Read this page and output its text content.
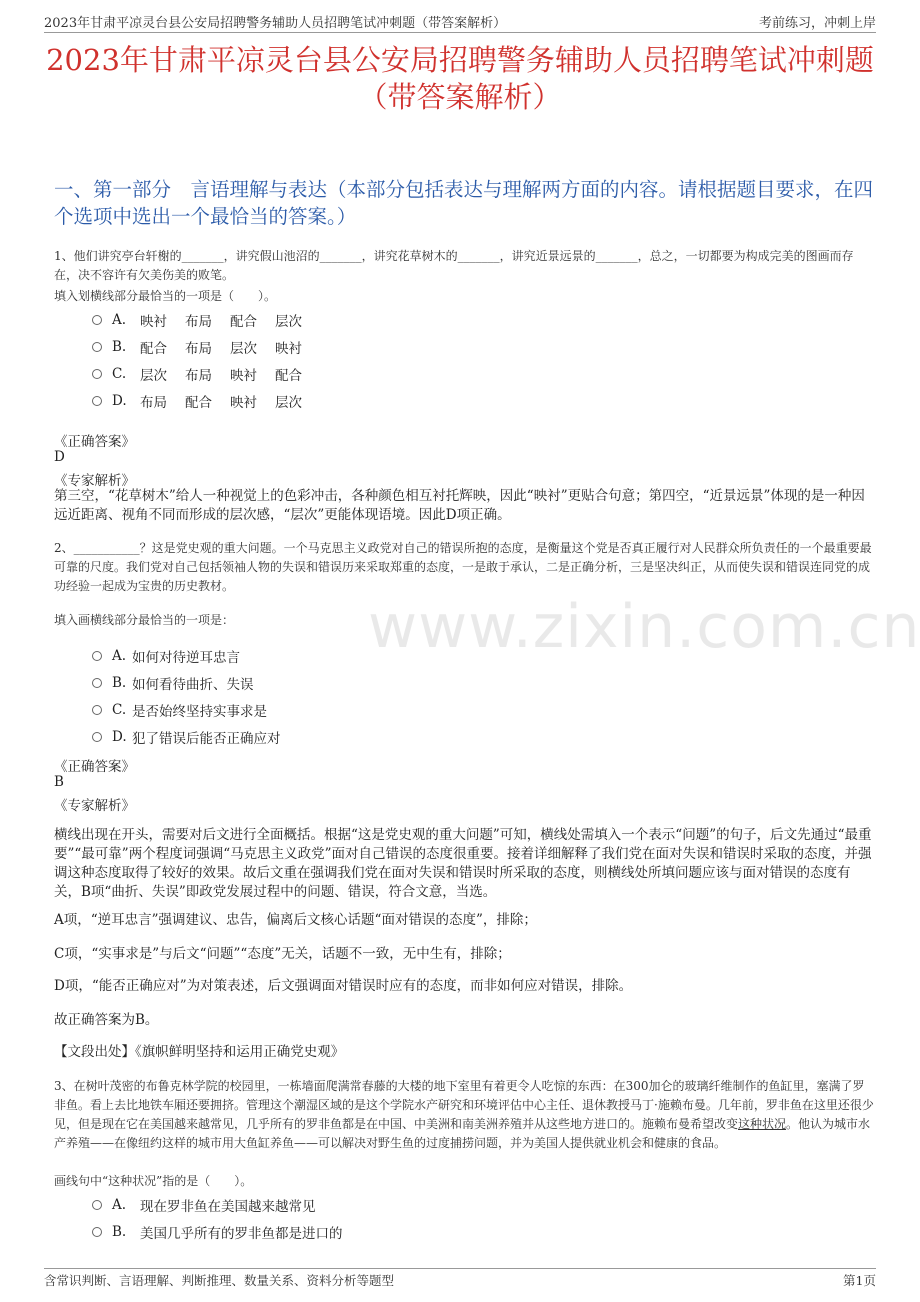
2023年甘肃平凉灵台县公安局招聘警务辅助人员招聘笔试冲刺题（带答案解析）	考前练习，冲刺上岸
2023年甘肃平凉灵台县公安局招聘警务辅助人员招聘笔试冲刺题（带答案解析）
一、第一部分　言语理解与表达（本部分包括表达与理解两方面的内容。请根据题目要求，在四个选项中选出一个最恰当的答案。）
1、他们讲究亭台轩榭的_______，讲究假山池沼的_______，讲究花草树木的_______，讲究近景远景的_______，总之，一切都要为构成完美的图画而存在，决不容许有欠美伤美的败笔。
填入划横线部分最恰当的一项是（　　）。
A.	映衬 布局 配合 层次
B.	配合 布局 层次 映衬
C.	层次 布局 映衬 配合
D. 布局 配合 映衬 层次
《正确答案》
D
《专家解析》
第三空，“花草树木”给人一种视觉上的色彩冲击，各种颜色相互衬托辉映，因此“映衬”更贴合句意；第四空，“近景远景”体现的是一种因远近距离、视角不同而形成的层次感，“层次”更能体现语境。因此D项正确。
2、___________？这是党史观的重大问题。一个马克思主义政党对自己的错误所抱的态度，是衡量这个党是否真正履行对人民群众所负责任的一个最重要最可靠的尺度。我们党对自己包括领袖人物的失误和错误历来采取郑重的态度，一是敢于承认，二是正确分析，三是坚决纠正，从而使失误和错误连同党的成功经验一起成为宝贵的历史教材。
填入画横线部分最恰当的一项是：
A. 如何对待逆耳忠言
B. 如何看待曲折、失误
C. 是否始终坚持实事求是
D. 犯了错误后能否正确应对
《正确答案》
B
《专家解析》
横线出现在开头，需要对后文进行全面概括。根据“这是党史观的重大问题”可知，横线处需填入一个表示“问题”的句子，后文先通过“最重要”“最可靠”两个程度词强调“马克思主义政党”面对自己错误的态度很重要。接着详细解释了我们党在面对失误和错误时采取的态度，并强调这种态度取得了较好的效果。故后文重在强调我们党在面对失误和错误时所采取的态度，则横线处所填问题应该与面对错误的态度有关，B项“曲折、失误”即政党发展过程中的问题、错误，符合文意，当选。
A项，“逆耳忠言”强调建议、忠告，偏离后文核心话题“面对错误的态度”，排除；
C项，“实事求是”与后文“问题”“态度”无关，话题不一致，无中生有，排除；
D项，“能否正确应对”为对策表述，后文强调面对错误时应有的态度，而非如何应对错误，排除。
故正确答案为B。
【文段出处】《旗帜鲜明坚持和运用正确党史观》
3、在树叶茂密的布鲁克林学院的校园里，一栋墙面爬满常春藤的大楼的地下室里有着更令人吃惊的东西：在300加仑的玻璃纤维制作的鱼缸里，塞满了罗非鱼。看上去比地铁车厢还要拥挤。管理这个潮湿区域的是这个学院水产研究和环境评估中心主任、退休教授马丁·施赖布曼。几年前，罗非鱼在这里还很少见，但是现在它在美国越来越常见，几乎所有的罗非鱼都是在中国、中美洲和南美洲养殖并从这些地方进口的。施赖布曼希望改变这种状况。他认为城市水产养殖——在像纽约这样的城市用大鱼缸养鱼——可以解决对野生鱼的过度捕捞问题，并为美国人提供就业机会和健康的食品。
画线句中“这种状况”指的是（　　）。
A.	现在罗非鱼在美国越来越常见
B.	美国几乎所有的罗非鱼都是进口的
www.zixin.com.cn
含常识判断、言语理解、判断推理、数量关系、资料分析等题型	第1页
